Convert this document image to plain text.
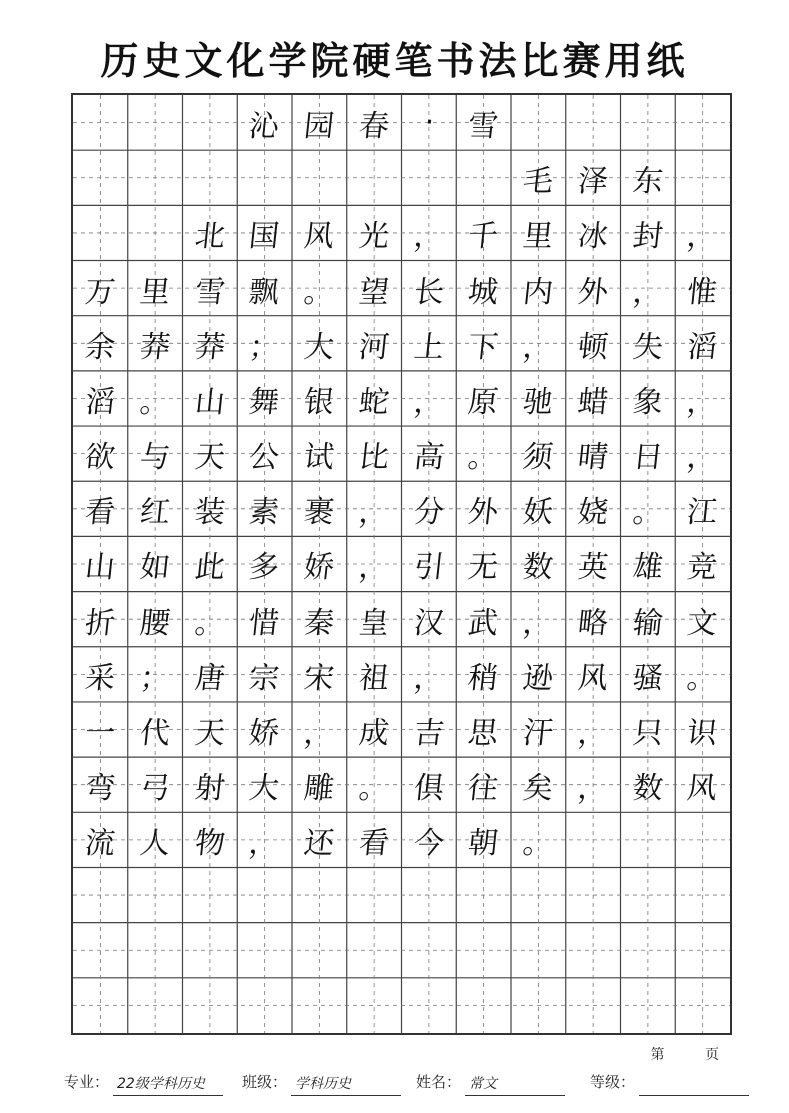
历史文化学院硬笔书法比赛用纸
沁 园 春	·	雪
毛 泽 东
北 国 风 光 ， 千 里 冰 封 ，
万 里 雪 飘 。 望 长 城 内 外 ， 惟
余 莽 莽 ； 大 河 上 下 ， 顿 失 滔
滔 。 山 舞 银 蛇 ， 原 驰 蜡 象 ，
欲 与 天 公 试 比 高 。 须 晴 日 ，
看 红 装 素 裹 ， 分 外 妖 娆 。 江
山 如 此 多 娇 ， 引 无 数 英 雄 竞
折 腰 。 惜 秦 皇 汉 武 ， 略 输 文
采 ； 唐 宗 宋 祖 ， 稍 逊 风 骚 。
一 代 天 娇 ， 成 吉 思 汗 ， 只 识
弯 弓 射 大 雕 。 俱 往 矣 ， 数 风
流 人 物 ， 还 看 今 朝 。
第 页
专业： 22级学科历史	班级： 学科历史	姓名： 常文	等级：
